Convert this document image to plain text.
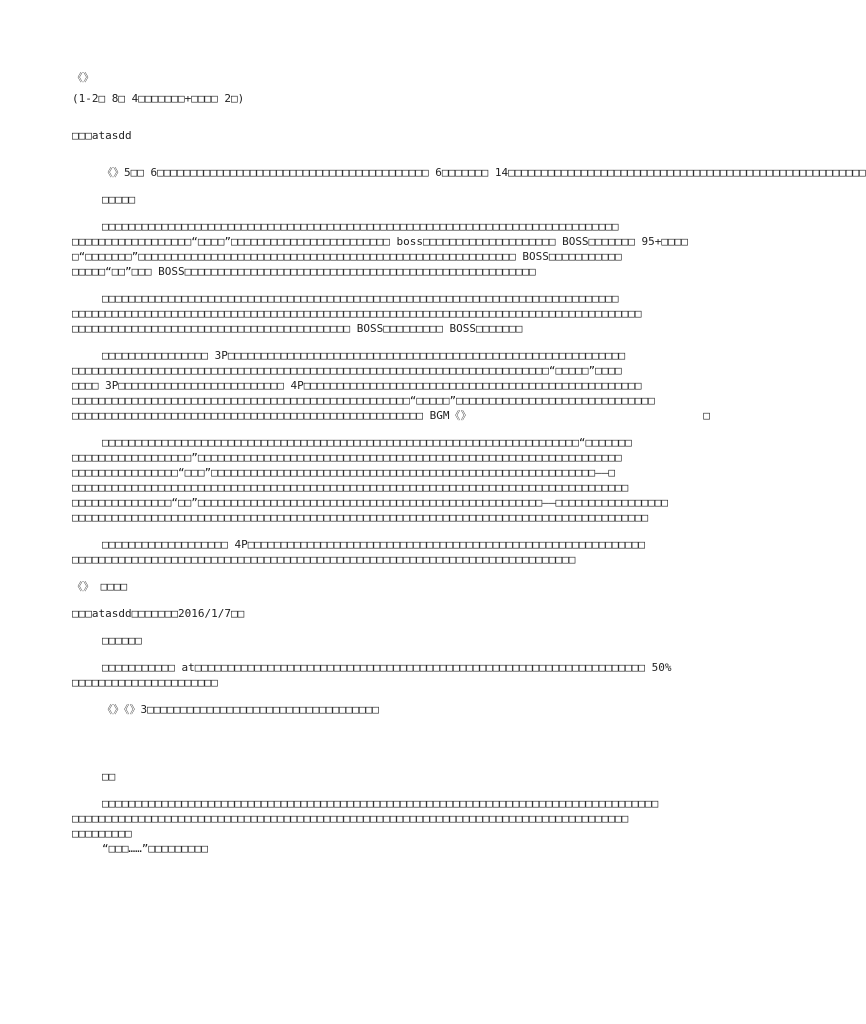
《》
(1-2□ 8□ 4□□□□□□□+□□□□ 2□)
□□□atasdd
《》5□□ 6□□□□□□□□□□□□□□□□□□□□□□□□□□□□□□□□□□□□□□□□□ 6□□□□□□□ 14□□□□□□□□□□□□□□□□□□□□□□□□□□□□□□□□□□□□□□□□□□□□□□□□□□□□□□
□□□□□
□□□□□□□□□□□□□□□□□□□□□□□□□□□□□□□□□□□□□□□□□□□□□□□□□□□□□□□□□□□□□□□□□□□□□□□□□□□□□□
□□□□□□□□□□□□□□□□□□“□□□□”□□□□□□□□□□□□□□□□□□□□□□□□ boss□□□□□□□□□□□□□□□□□□□□ BOSS□□□□□□□ 95+□□□□
□“□□□□□□□”□□□□□□□□□□□□□□□□□□□□□□□□□□□□□□□□□□□□□□□□□□□□□□□□□□□□□□□□□ BOSS□□□□□□□□□□□
□□□□□“□□”□□□ BOSS□□□□□□□□□□□□□□□□□□□□□□□□□□□□□□□□□□□□□□□□□□□□□□□□□□□□□
□□□□□□□□□□□□□□□□□□□□□□□□□□□□□□□□□□□□□□□□□□□□□□□□□□□□□□□□□□□□□□□□□□□□□□□□□□□□□□
□□□□□□□□□□□□□□□□□□□□□□□□□□□□□□□□□□□□□□□□□□□□□□□□□□□□□□□□□□□□□□□□□□□□□□□□□□□□□□□□□□□□□□
□□□□□□□□□□□□□□□□□□□□□□□□□□□□□□□□□□□□□□□□□□ BOSS□□□□□□□□□ BOSS□□□□□□□
□□□□□□□□□□□□□□□□ 3P□□□□□□□□□□□□□□□□□□□□□□□□□□□□□□□□□□□□□□□□□□□□□□□□□□□□□□□□□□□□
□□□□□□□□□□□□□□□□□□□□□□□□□□□□□□□□□□□□□□□□□□□□□□□□□□□□□□□□□□□□□□□□□□□□□□□□“□□□□□”□□□□
□□□□ 3P□□□□□□□□□□□□□□□□□□□□□□□□□ 4P□□□□□□□□□□□□□□□□□□□□□□□□□□□□□□□□□□□□□□□□□□□□□□□□□□□
□□□□□□□□□□□□□□□□□□□□□□□□□□□□□□□□□□□□□□□□□□□□□□□□□□□“□□□□□”□□□□□□□□□□□□□□□□□□□□□□□□□□□□□□
□□□□□□□□□□□□□□□□□□□□□□□□□□□□□□□□□□□□□□□□□□□□□□□□□□□□□ BGM《》                                   □
□□□□□□□□□□□□□□□□□□□□□□□□□□□□□□□□□□□□□□□□□□□□□□□□□□□□□□□□□□□□□□□□□□□□□□□□“□□□□□□□
□□□□□□□□□□□□□□□□□□”□□□□□□□□□□□□□□□□□□□□□□□□□□□□□□□□□□□□□□□□□□□□□□□□□□□□□□□□□□□□□□□□
□□□□□□□□□□□□□□□□“□□□”□□□□□□□□□□□□□□□□□□□□□□□□□□□□□□□□□□□□□□□□□□□□□□□□□□□□□□□□□□——□
□□□□□□□□□□□□□□□□□□□□□□□□□□□□□□□□□□□□□□□□□□□□□□□□□□□□□□□□□□□□□□□□□□□□□□□□□□□□□□□□□□□□
□□□□□□□□□□□□□□□“□□”□□□□□□□□□□□□□□□□□□□□□□□□□□□□□□□□□□□□□□□□□□□□□□□□□□□□——□□□□□□□□□□□□□□□□□
□□□□□□□□□□□□□□□□□□□□□□□□□□□□□□□□□□□□□□□□□□□□□□□□□□□□□□□□□□□□□□□□□□□□□□□□□□□□□□□□□□□□□□□
□□□□□□□□□□□□□□□□□□□ 4P□□□□□□□□□□□□□□□□□□□□□□□□□□□□□□□□□□□□□□□□□□□□□□□□□□□□□□□□□□□□
□□□□□□□□□□□□□□□□□□□□□□□□□□□□□□□□□□□□□□□□□□□□□□□□□□□□□□□□□□□□□□□□□□□□□□□□□□□□
《》 □□□□
□□□atasdd□□□□□□□2016/1/7□□
□□□□□□
□□□□□□□□□□□ at□□□□□□□□□□□□□□□□□□□□□□□□□□□□□□□□□□□□□□□□□□□□□□□□□□□□□□□□□□□□□□□□□□□□ 50%
□□□□□□□□□□□□□□□□□□□□□□
《》《》3□□□□□□□□□□□□□□□□□□□□□□□□□□□□□□□□□□□
□□
□□□□□□□□□□□□□□□□□□□□□□□□□□□□□□□□□□□□□□□□□□□□□□□□□□□□□□□□□□□□□□□□□□□□□□□□□□□□□□□□□□□□
□□□□□□□□□□□□□□□□□□□□□□□□□□□□□□□□□□□□□□□□□□□□□□□□□□□□□□□□□□□□□□□□□□□□□□□□□□□□□□□□□□□□
□□□□□□□□□
“□□□……”□□□□□□□□□
